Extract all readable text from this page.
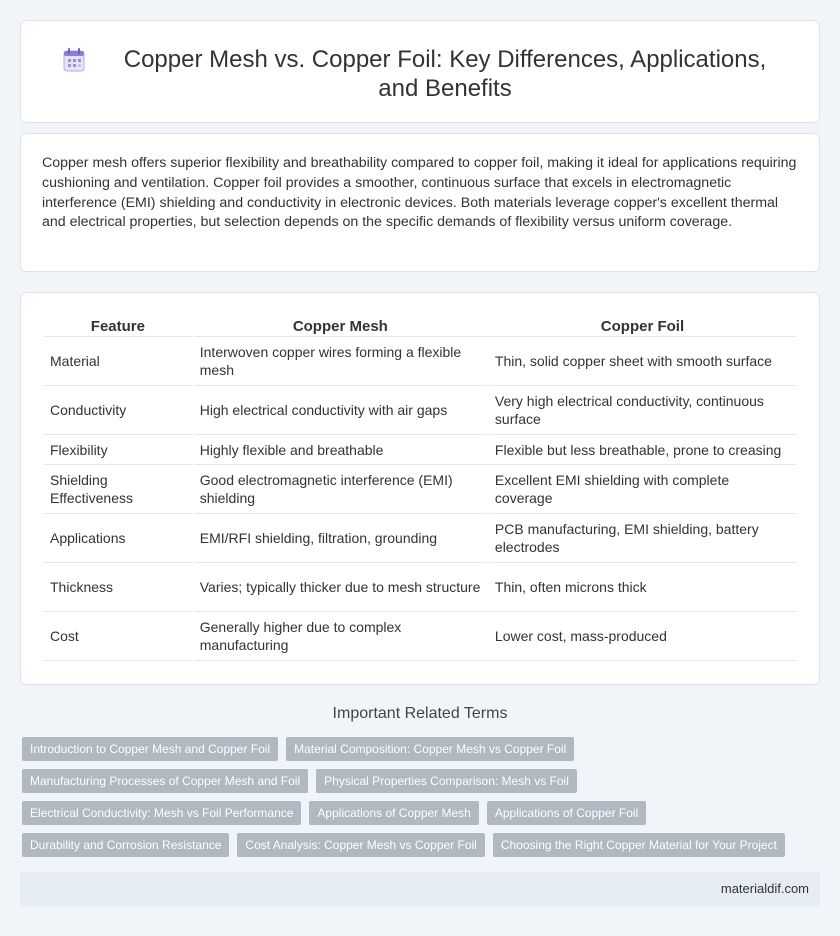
Copper Mesh vs. Copper Foil: Key Differences, Applications, and Benefits

Copper mesh offers superior flexibility and breathability compared to copper foil, making it ideal for applications requiring cushioning and ventilation. Copper foil provides a smoother, continuous surface that excels in electromagnetic interference (EMI) shielding and conductivity in electronic devices. Both materials leverage copper's excellent thermal and electrical properties, but selection depends on the specific demands of flexibility versus uniform coverage.

Feature	Copper Mesh	Copper Foil
Material	Interwoven copper wires forming a flexible mesh	Thin, solid copper sheet with smooth surface
Conductivity	High electrical conductivity with air gaps	Very high electrical conductivity, continuous surface
Flexibility	Highly flexible and breathable	Flexible but less breathable, prone to creasing
Shielding Effectiveness	Good electromagnetic interference (EMI) shielding	Excellent EMI shielding with complete coverage
Applications	EMI/RFI shielding, filtration, grounding	PCB manufacturing, EMI shielding, battery electrodes
Thickness	Varies; typically thicker due to mesh structure	Thin, often microns thick
Cost	Generally higher due to complex manufacturing	Lower cost, mass-produced
Important Related Terms
Introduction to Copper Mesh and Copper Foil	Material Composition: Copper Mesh vs Copper Foil
Manufacturing Processes of Copper Mesh and Foil	Physical Properties Comparison: Mesh vs Foil
Electrical Conductivity: Mesh vs Foil Performance	Applications of Copper Mesh	Applications of Copper Foil
Durability and Corrosion Resistance	Cost Analysis: Copper Mesh vs Copper Foil	Choosing the Right Copper Material for Your Project
materialdif.com
